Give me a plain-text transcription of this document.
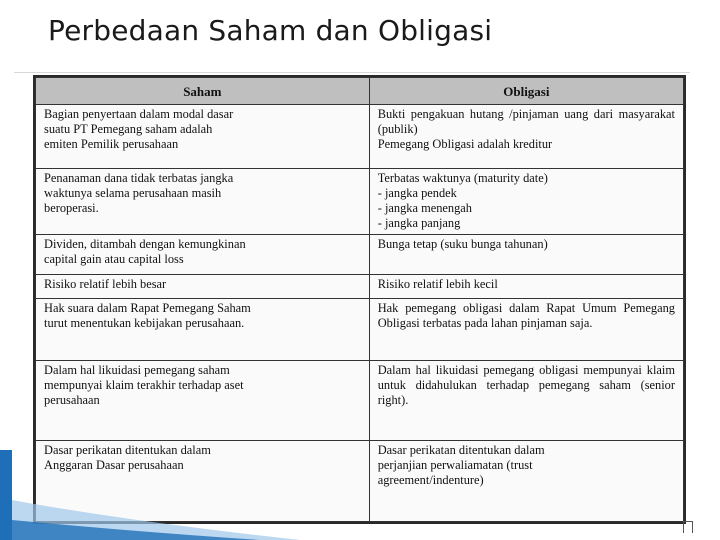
Perbedaan Saham dan Obligasi
Saham	Obligasi

Bagian penyertaan dalam modal dasar
suatu PT Pemegang saham adalah
emiten Pemilik perusahaan	Bukti pengakuan hutang /pinjaman uang dari masyarakat (publik)
Pemegang Obligasi adalah kreditur

Penanaman dana tidak terbatas jangka
waktunya selama perusahaan masih
beroperasi.	Terbatas waktunya (maturity date)
- jangka pendek
- jangka menengah
- jangka panjang

Dividen, ditambah dengan kemungkinan
capital gain atau capital loss	Bunga tetap (suku bunga tahunan)

Risiko relatif lebih besar	Risiko relatif lebih kecil

Hak suara dalam Rapat Pemegang Saham
turut menentukan kebijakan perusahaan.	Hak pemegang obligasi dalam Rapat Umum Pemegang Obligasi terbatas pada lahan pinjaman saja.

Dalam hal likuidasi pemegang saham
mempunyai klaim terakhir terhadap aset
perusahaan	Dalam hal likuidasi pemegang obligasi mempunyai klaim untuk didahulukan terhadap pemegang saham (senior right).

Dasar perikatan ditentukan dalam
Anggaran Dasar perusahaan	Dasar perikatan ditentukan dalam
perjanjian perwaliamatan (trust
agreement/indenture)
